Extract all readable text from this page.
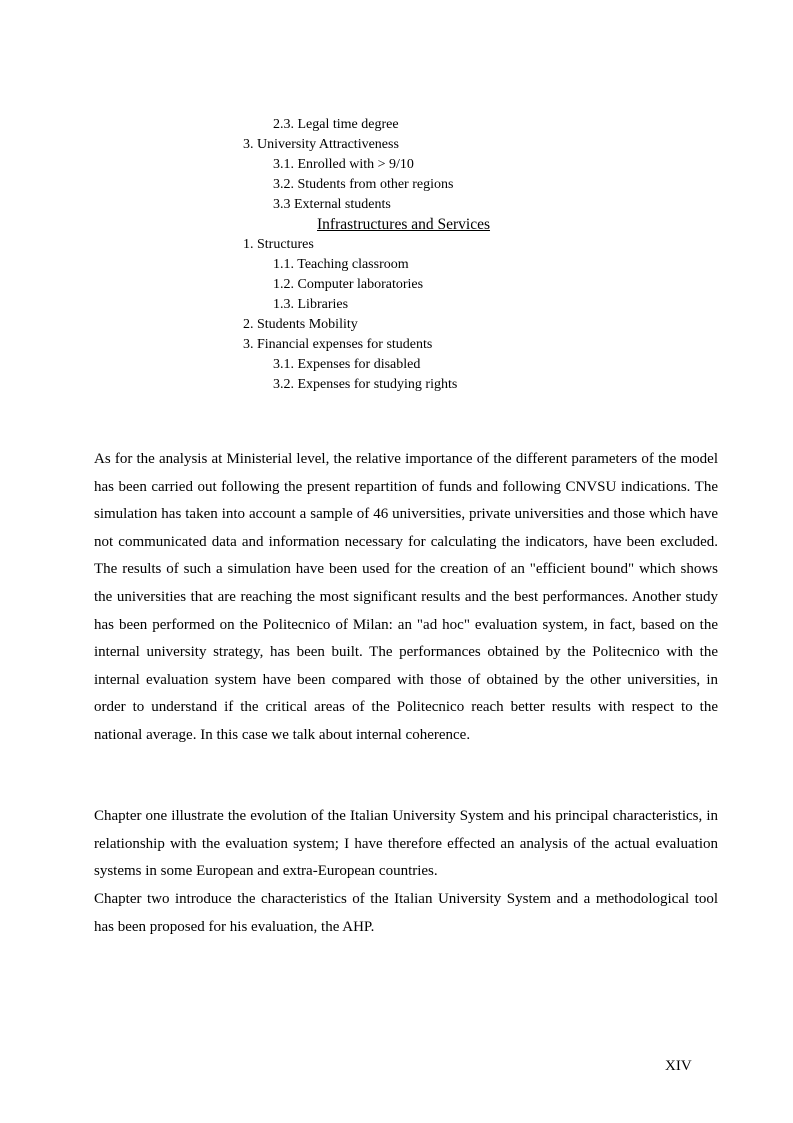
2.3. Legal time degree
3. University Attractiveness
3.1. Enrolled with > 9/10
3.2. Students from other regions
3.3 External students
Infrastructures and Services
1. Structures
1.1. Teaching classroom
1.2. Computer laboratories
1.3. Libraries
2. Students Mobility
3. Financial expenses for students
3.1. Expenses for disabled
3.2. Expenses for studying rights

As for the analysis at Ministerial level, the relative importance of the different parameters of the model has been carried out following the present repartition of funds and following CNVSU indications. The simulation has taken into account a sample of 46 universities, private universities and those which have not communicated data and information necessary for calculating the indicators, have been excluded. The results of such a simulation have been used for the creation of an "efficient bound" which shows the universities that are reaching the most significant results and the best performances. Another study has been performed on the Politecnico of Milan: an "ad hoc" evaluation system, in fact, based on the internal university strategy, has been built. The performances obtained by the Politecnico with the internal evaluation system have been compared with those of obtained by the other universities, in order to understand if the critical areas of the Politecnico reach better results with respect to the national average. In this case we talk about internal coherence.

Chapter one illustrate the evolution of the Italian University System and his principal characteristics, in relationship with the evaluation system; I have therefore effected an analysis of the actual evaluation systems in some European and extra-European countries.

Chapter two introduce the characteristics of the Italian University System and a methodological tool has been proposed for his evaluation, the AHP.

XIV
